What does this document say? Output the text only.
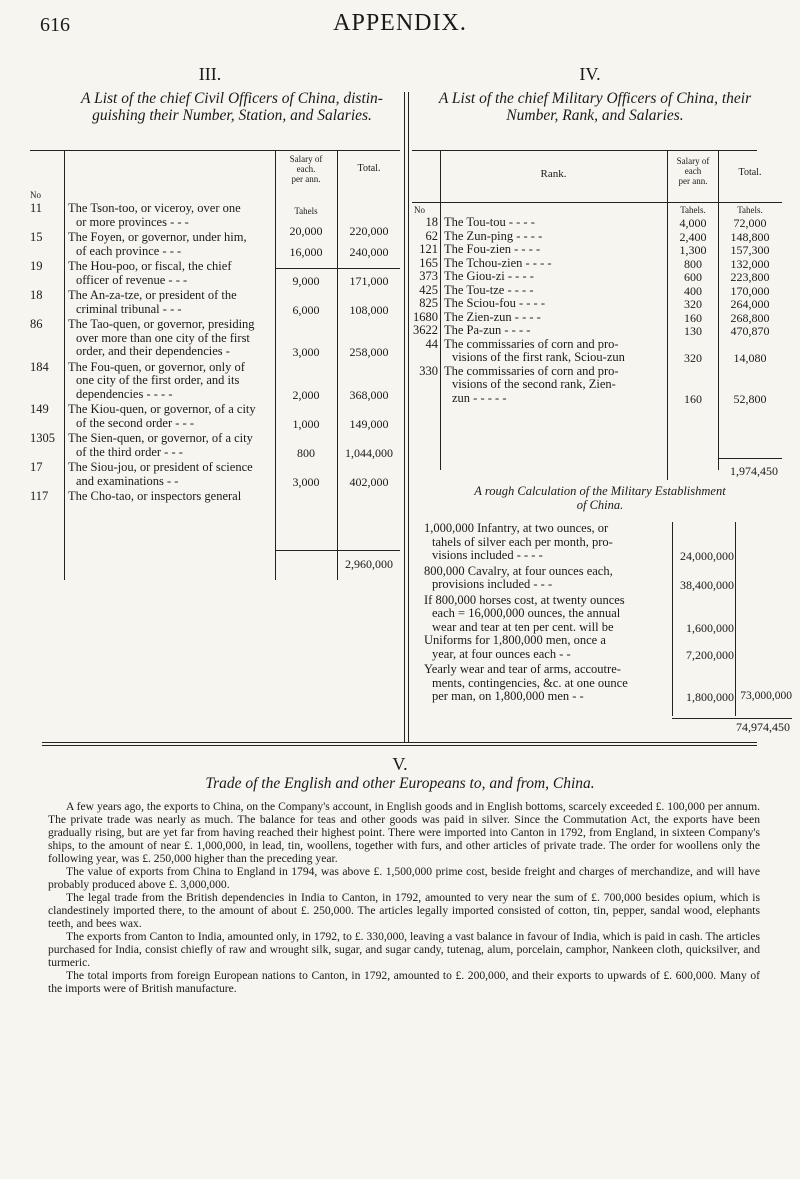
616	APPENDIX.
III.
A List of the chief Civil Officers of China, distin-
guishing their Number, Station, and Salaries.
IV.
A List of the chief Military Officers of China, their
Number, Rank, and Salaries.
Salary of
each.
per ann.
Total.
No
Tahels
11	The Tson-too, or viceroy, over one
or more provinces - - -
20,000	220,000
15	The Foyen, or governor, under him,
of each province - - -	16,000	240,000
19	The Hou-poo, or fiscal, the chief
officer of revenue - - -	9,000	171,000
18	The An-za-tze, or president of the
criminal tribunal - - -	6,000	108,000
86	The Tao-quen, or governor, presiding
over more than one city of the first
order, and their dependencies -	3,000	258,000
184	The Fou-quen, or governor, only of
one city of the first order, and its
dependencies - - - -	2,000	368,000
149	The Kiou-quen, or governor, of a city
of the second order - - -	1,000	149,000
1305	The Sien-quen, or governor, of a city
of the third order - - -	800	1,044,000
17	The Siou-jou, or president of science
and examinations - -	3,000	402,000
117	The Cho-tao, or inspectors general
2,960,000
Rank.
Salary of
each
per ann.
Total.
No	Tahels.	Tahels.
18 The Tou-tou - - - -	4,000	72,000
62 The Zun-ping - - - -	2,400	148,800
121 The Fou-zien - - - -	1,300	157,300
165 The Tchou-zien - - - -	800	132,000
373 The Giou-zi - - - -	600	223,800
425 The Tou-tze - - - -	400	170,000
825 The Sciou-fou - - - -	320	264,000
1680 The Zien-zun - - - -	160	268,800
3622 The Pa-zun - - - -	130	470,870
44 The commissaries of corn and pro-
visions of the first rank, Sciou-zun	320	14,080
330 The commissaries of corn and pro-
visions of the second rank, Zien-
zun - - - - -	160	52,800
1,974,450
A rough Calculation of the Military Establishment
of China.
1,000,000 Infantry, at two ounces, or
tahels of silver each per month, pro-
visions included - - - -	24,000,000
800,000 Cavalry, at four ounces each,
provisions included - - -	38,400,000
If 800,000 horses cost, at twenty ounces
each = 16,000,000 ounces, the annual
wear and tear at ten per cent. will be	1,600,000
Uniforms for 1,800,000 men, once a
year, at four ounces each - -	7,200,000
Yearly wear and tear of arms, accoutre-
ments, contingencies, &c. at one ounce
per man, on 1,800,000 men - -	1,800,000 73,000,000
74,974,450
V.
Trade of the English and other Europeans to, and from, China.

A few years ago, the exports to China, on the Company's account, in English goods and in English bottoms, scarcely exceeded £. 100,000 per annum. The private trade was nearly as much. The balance for teas and other goods was paid in silver. Since the Commutation Act, the exports have been gradually rising, but are yet far from having reached their highest point. There were imported into Canton in 1792, from England, in sixteen Company's ships, to the amount of near £. 1,000,000, in lead, tin, woollens, together with furs, and other articles of private trade. The order for woollens only the following year, was £. 250,000 higher than the preceding year.

The value of exports from China to England in 1794, was above £. 1,500,000 prime cost, beside freight and charges of merchandize, and will have probably produced above £. 3,000,000.

The legal trade from the British dependencies in India to Canton, in 1792, amounted to very near the sum of £. 700,000 besides opium, which is clandestinely imported there, to the amount of about £. 250,000. The articles legally imported consisted of cotton, tin, pepper, sandal wood, elephants teeth, and bees wax.

The exports from Canton to India, amounted only, in 1792, to £. 330,000, leaving a vast balance in favour of India, which is paid in cash. The articles purchased for India, consist chiefly of raw and wrought silk, sugar, and sugar candy, tutenag, alum, porcelain, camphor, Nankeen cloth, quicksilver, and turmeric.

The total imports from foreign European nations to Canton, in 1792, amounted to £. 200,000, and their exports to upwards of £. 600,000. Many of the imports were of British manufacture.
